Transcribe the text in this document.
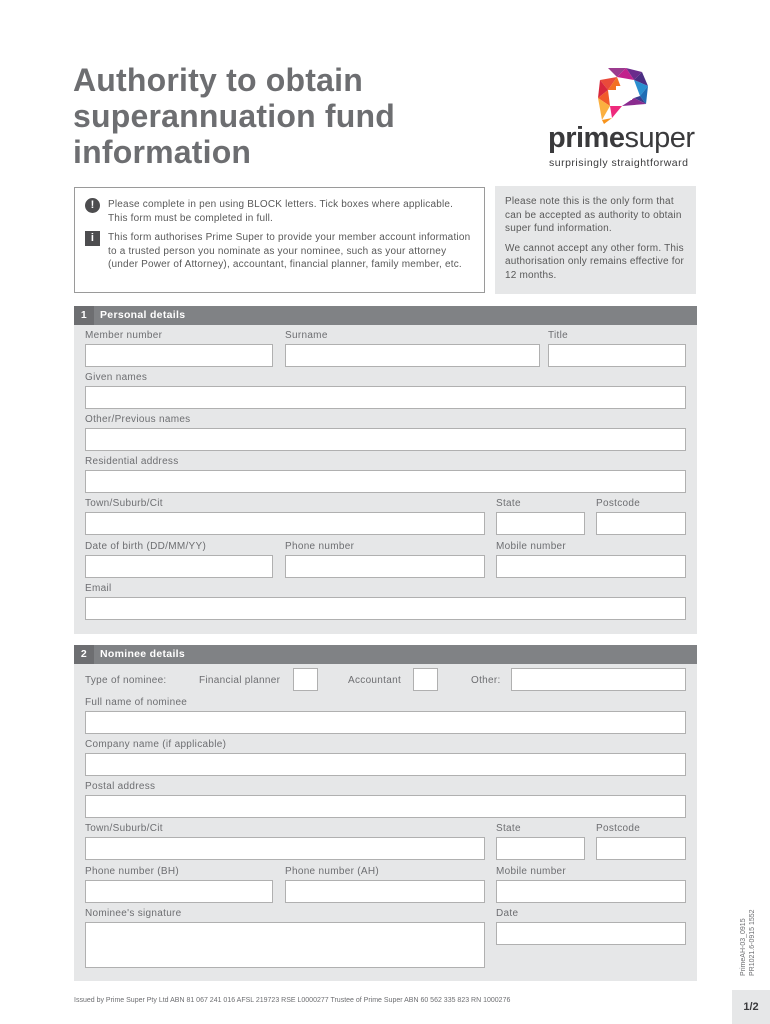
Authority to obtain superannuation fund information	primesuper
surprisingly straightforward
!	Please complete in pen using BLOCK letters. Tick boxes where applicable. This form must be completed in full.
i	This form authorises Prime Super to provide your member account information to a trusted person you nominate as your nominee, such as your attorney (under Power of Attorney), accountant, financial planner, family member, etc.

Please note this is the only form that can be accepted as authority to obtain super fund information.

We cannot accept any other form. This authorisation only remains effective for 12 months.

1 Personal details
Member number	Surname	Title
Given names
Other/Previous names
Residential address
Town/Suburb/Cit	State	Postcode
Date of birth (DD/MM/YY)	Phone number	Mobile number
Email
2 Nominee details
Type of nominee:	Financial planner	Accountant	Other:
Full name of nominee
Company name (if applicable)
Postal address
Town/Suburb/Cit	State	Postcode
Phone number (BH)	Phone number (AH)	Mobile number
Nominee's signature	Date
PrimeAH-03_0915 PR1021.6-0915 1552
Issued by Prime Super Pty Ltd ABN 81 067 241 016 AFSL 219723 RSE L0000277 Trustee of Prime Super ABN 60 562 335 823 RN 1000276
1/2
